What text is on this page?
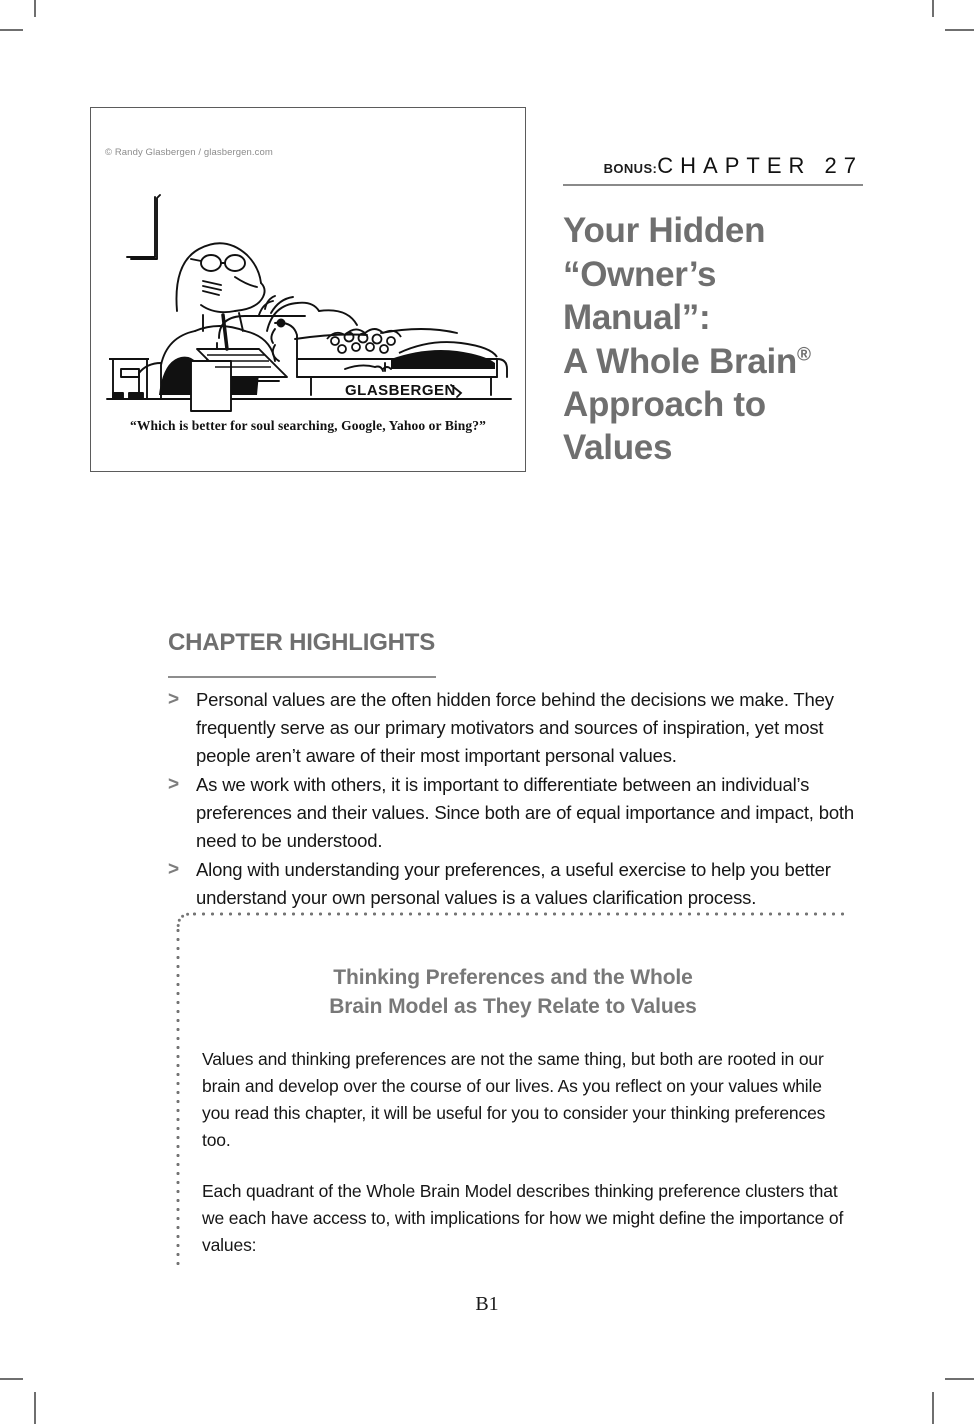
© Randy Glasbergen / glasbergen.com
GLASBERGEN
“Which is better for soul searching, Google, Yahoo or Bing?”
BONUS:CHAPTER 27
Your Hidden
“Owner’s Manual”:
A Whole Brain®
Approach to Values
CHAPTER HIGHLIGHTS
> Personal values are the often hidden force behind the decisions we make. They frequently serve as our primary motivators and sources of inspiration, yet most people aren’t aware of their most important personal values.
> As we work with others, it is important to differentiate between an individual’s preferences and their values. Since both are of equal importance and impact, both need to be understood.
> Along with understanding your preferences, a useful exercise to help you better understand your own personal values is a values clarification process.
Thinking Preferences and the Whole
Brain Model as They Relate to Values

Values and thinking preferences are not the same thing, but both are rooted in our brain and develop over the course of our lives. As you reflect on your values while you read this chapter, it will be useful for you to consider your thinking preferences too.

Each quadrant of the Whole Brain Model describes thinking preference clusters that we each have access to, with implications for how we might define the importance of values:

B1
